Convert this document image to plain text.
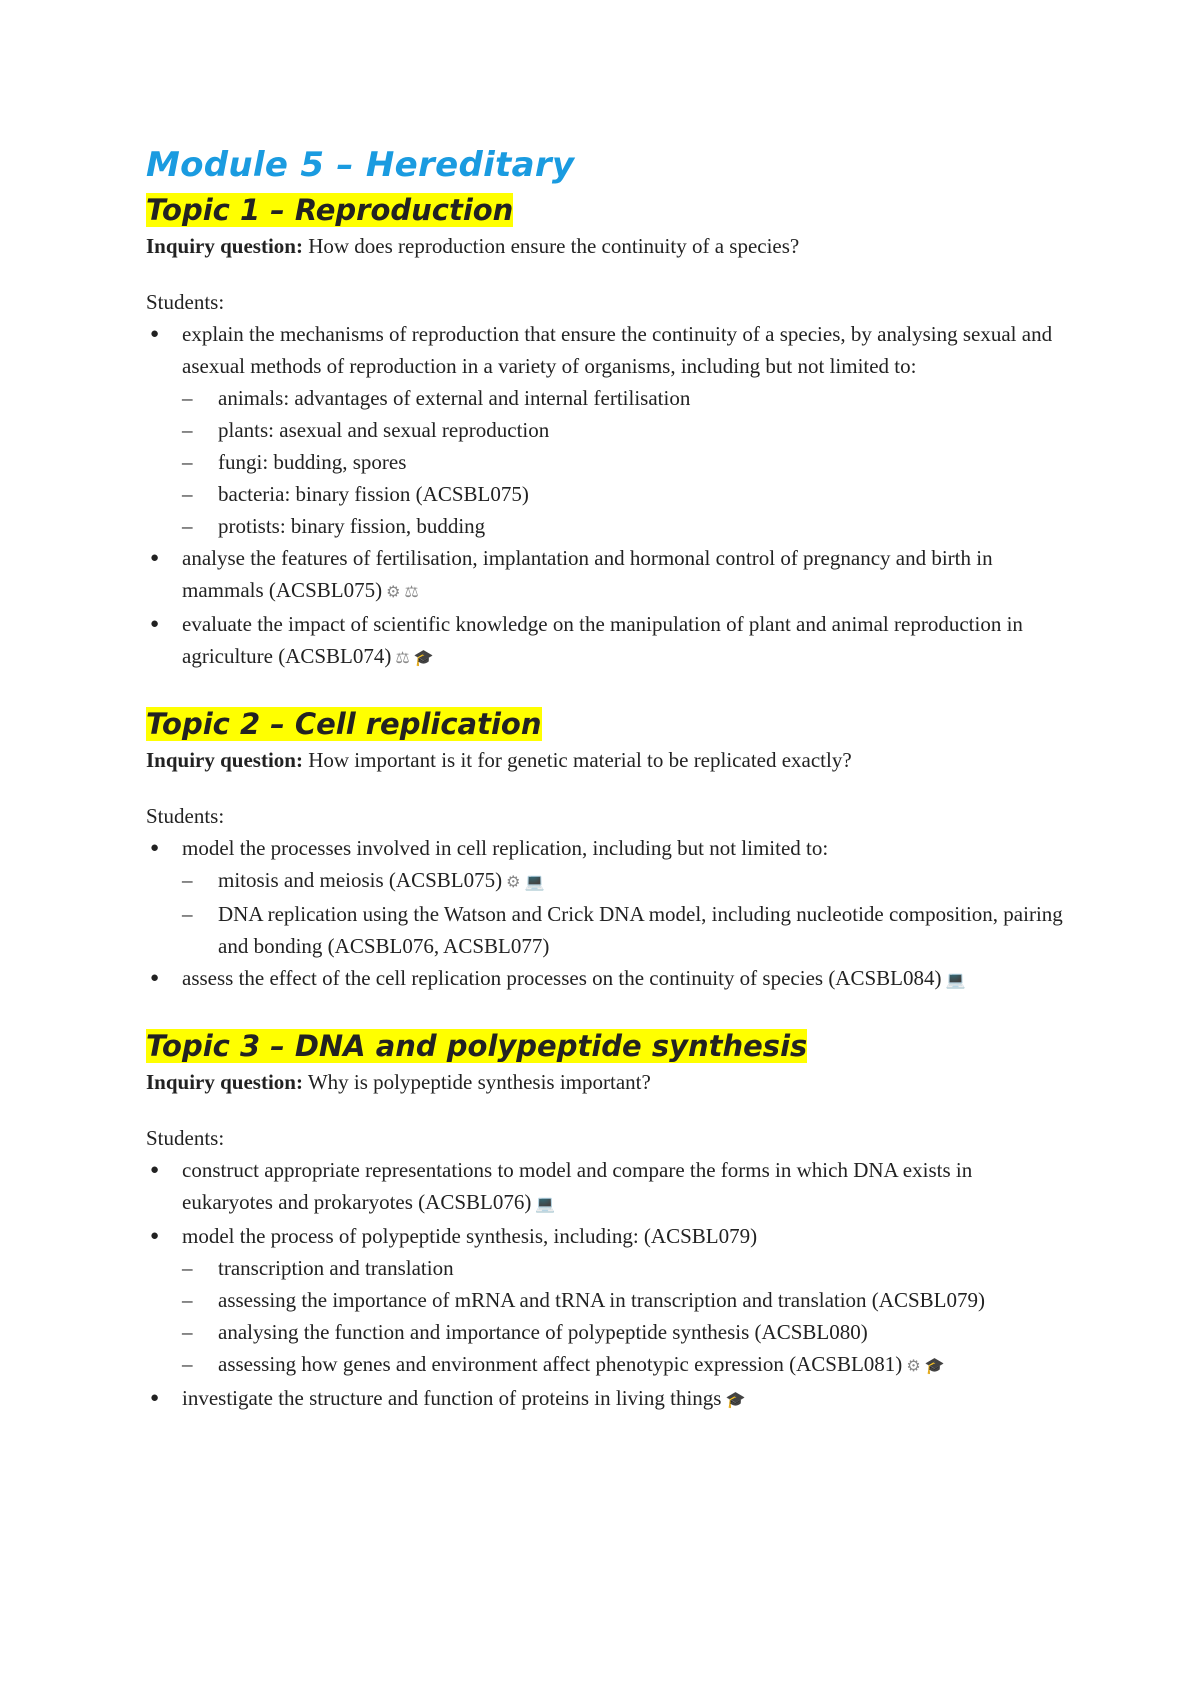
Module 5 – Hereditary
Topic 1 – Reproduction

Inquiry question: How does reproduction ensure the continuity of a species?

Students:

● explain the mechanisms of reproduction that ensure the continuity of a species, by analysing sexual and asexual methods of reproduction in a variety of organisms, including but not limited to:
– animals: advantages of external and internal fertilisation
– plants: asexual and sexual reproduction
– fungi: budding, spores
– bacteria: binary fission (ACSBL075)
– protists: binary fission, budding
● analyse the features of fertilisation, implantation and hormonal control of pregnancy and birth in mammals (ACSBL075) ⚙ ⚖
● evaluate the impact of scientific knowledge on the manipulation of plant and animal reproduction in agriculture (ACSBL074) ⚖ 🎓
Topic 2 – Cell replication

Inquiry question: How important is it for genetic material to be replicated exactly?

Students:

● model the processes involved in cell replication, including but not limited to:
– mitosis and meiosis (ACSBL075) ⚙ 💻
– DNA replication using the Watson and Crick DNA model, including nucleotide composition, pairing and bonding (ACSBL076, ACSBL077)
● assess the effect of the cell replication processes on the continuity of species (ACSBL084) 💻
Topic 3 – DNA and polypeptide synthesis

Inquiry question: Why is polypeptide synthesis important?

Students:

● construct appropriate representations to model and compare the forms in which DNA exists in eukaryotes and prokaryotes (ACSBL076) 💻
● model the process of polypeptide synthesis, including: (ACSBL079)
– transcription and translation
– assessing the importance of mRNA and tRNA in transcription and translation (ACSBL079)
– analysing the function and importance of polypeptide synthesis (ACSBL080)
– assessing how genes and environment affect phenotypic expression (ACSBL081) ⚙ 🎓
● investigate the structure and function of proteins in living things 🎓
